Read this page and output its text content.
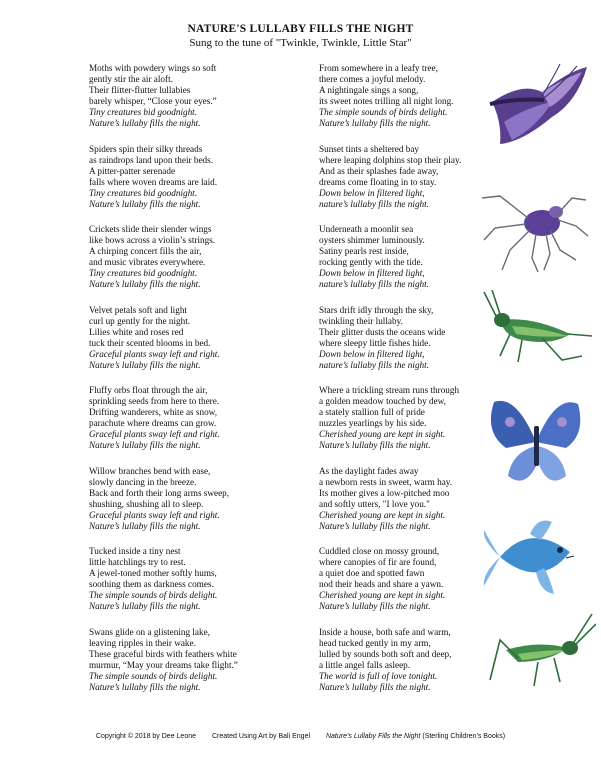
NATURE'S LULLABY FILLS THE NIGHT
Sung to the tune of "Twinkle, Twinkle, Little Star"
Moths with powdery wings so soft
gently stir the air aloft.
Their flitter-flutter lullabies
barely whisper, “Close your eyes.”
Tiny creatures bid goodnight.
Nature’s lullaby fills the night.
Spiders spin their silky threads
as raindrops land upon their beds.
A pitter-patter serenade
falls where woven dreams are laid.
Tiny creatures bid goodnight.
Nature’s lullaby fills the night.
Crickets slide their slender wings
like bows across a violin’s strings.
A chirping concert fills the air,
and music vibrates everywhere.
Tiny creatures bid goodnight.
Nature’s lullaby fills the night.
Velvet petals soft and light
curl up gently for the night.
Lilies white and roses red
tuck their scented blooms in bed.
Graceful plants sway left and right.
Nature’s lullaby fills the night.
Fluffy orbs float through the air,
sprinkling seeds from here to there.
Drifting wanderers, white as snow,
parachute where dreams can grow.
Graceful plants sway left and right.
Nature’s lullaby fills the night.
Willow branches bend with ease,
slowly dancing in the breeze.
Back and forth their long arms sweep,
shushing, shushing all to sleep.
Graceful plants sway left and right.
Nature’s lullaby fills the night.
Tucked inside a tiny nest
little hatchlings try to rest.
A jewel-toned mother softly hums,
soothing them as darkness comes.
The simple sounds of birds delight.
Nature’s lullaby fills the night.
Swans glide on a glistening lake,
leaving ripples in their wake.
These graceful birds with feathers white
murmur, “May your dreams take flight.”
The simple sounds of birds delight.
Nature’s lullaby fills the night.
From somewhere in a leafy tree,
there comes a joyful melody.
A nightingale sings a song,
its sweet notes trilling all night long.
The simple sounds of birds delight.
Nature’s lullaby fills the night.
Sunset tints a sheltered bay
where leaping dolphins stop their play.
And as their splashes fade away,
dreams come floating in to stay.
Down below in filtered light,
nature’s lullaby fills the night.
Underneath a moonlit sea
oysters shimmer luminously.
Satiny pearls rest inside,
rocking gently with the tide.
Down below in filtered light,
nature’s lullaby fills the night.
Stars drift idly through the sky,
twinkling their lullaby.
Their glitter dusts the oceans wide
where sleepy little fishes hide.
Down below in filtered light,
nature’s lullaby fills the night.
Where a trickling stream runs through
a golden meadow touched by dew,
a stately stallion full of pride
nuzzles yearlings by his side.
Cherished young are kept in sight.
Nature’s lullaby fills the night.
As the daylight fades away
a newborn rests in sweet, warm hay.
Its mother gives a low-pitched moo
and softly utters, "I love you."
Cherished young are kept in sight.
Nature’s lullaby fills the night.
Cuddled close on mossy ground,
where canopies of fir are found,
a quiet doe and spotted fawn
nod their heads and share a yawn.
Cherished young are kept in sight.
Nature’s lullaby fills the night.
Inside a house, both safe and warm,
head tucked gently in my arm,
lulled by sounds both soft and deep,
a little angel falls asleep.
The world is full of love tonight.
Nature’s lullaby fills the night.
Copyright © 2018 by Dee Leone Created Using Art by Bali Engel Nature’s Lullaby Fills the Night (Sterling Children’s Books)
